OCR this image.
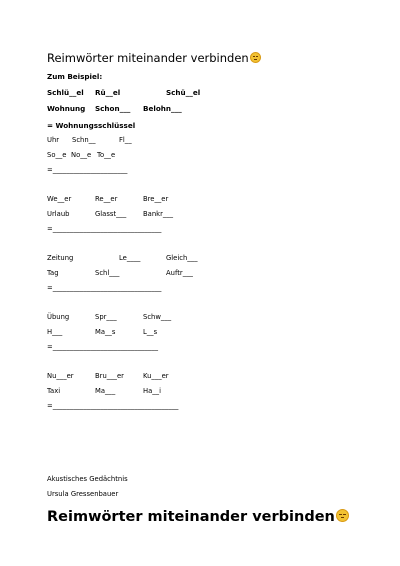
Reimwörter miteinander verbinden
Zum Beispiel:
Schlü__el Rü__el	Schü__el
Wohnung Schon___ Belohn___
= Wohnungsschlüssel
Uhr Schn__	Fl__
So__e No__e To__e
=______________________
We__er	Re__er	Bre__er
Urlaub	Glasst___ Bankr___
=________________________________
Zeitung	Le____	Gleich___
Tag	Schl___	Auftr___
=________________________________
Übung	Spr___	Schw___
H___	Ma__s	L__s
=_______________________________
Nu___er	Bru___er	Ku___er
Taxi	Ma___	Ha__i
=_____________________________________
Akustisches Gedächtnis
Ursula Gressenbauer
Reimwörter miteinander verbinden
